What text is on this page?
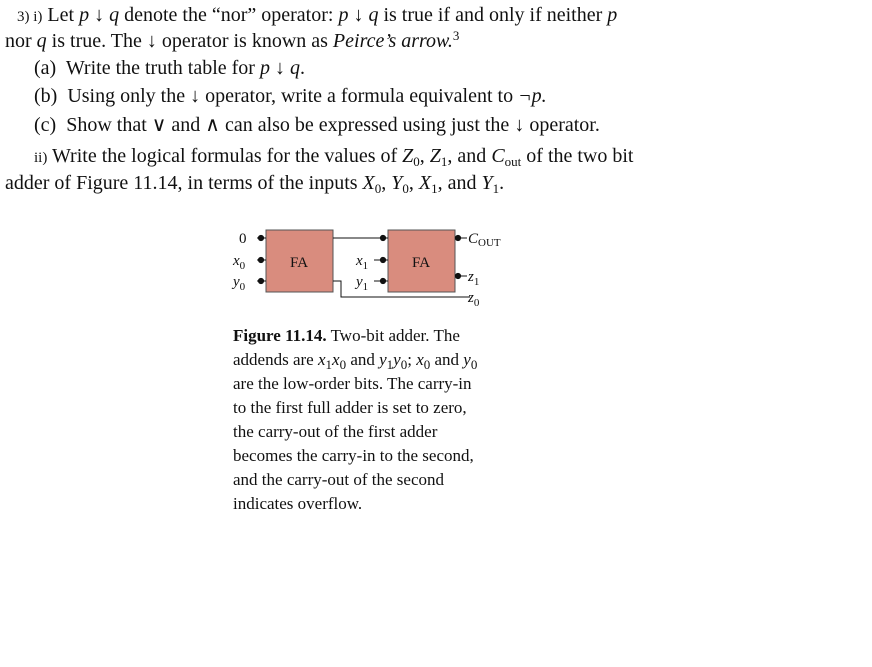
3) i) Let p ↓ q denote the “nor” operator: p ↓ q is true if and only if neither p
nor q is true. The ↓ operator is known as Peirce’s arrow.$^3$
(a) Write the truth table for p ↓ q.
(b) Using only the ↓ operator, write a formula equivalent to ¬p.
(c) Show that ∨ and ∧ can also be expressed using just the ↓ operator.
ii) Write the logical formulas for the values of $Z_0$, $Z_1$, and $C_{out}$ of the two bit
adder of Figure 11.14, in terms of the inputs $X_0$, $Y_0$, $X_1$, and $Y_1$.
FA	FA
0
$x_0$
$y_0$
$x_1$
$y_1$
$C_{OUT}$
$z_1$
$z_0$
Figure 11.14. Two-bit adder. The
addends are $x_1x_0$ and $y_1y_0$; $x_0$ and $y_0$
are the low-order bits. The carry-in
to the first full adder is set to zero,
the carry-out of the first adder
becomes the carry-in to the second,
and the carry-out of the second
indicates overflow.
